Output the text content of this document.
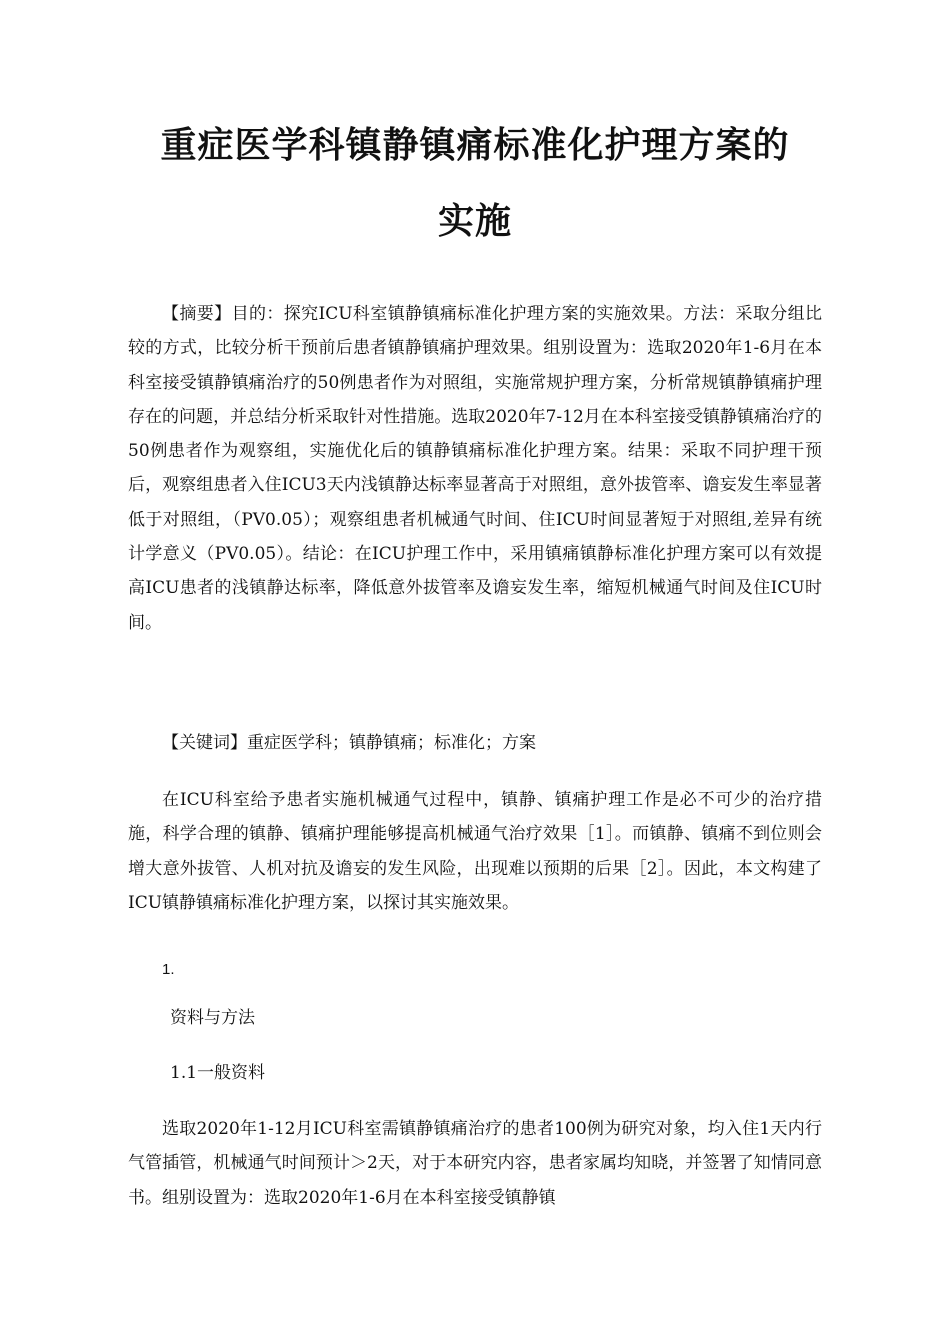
重症医学科镇静镇痛标准化护理方案的
实施
【摘要】目的：探究ICU科室镇静镇痛标准化护理方案的实施效果。方法：采取分组比较的方式，比较分析干预前后患者镇静镇痛护理效果。组别设置为：选取2020年1-6月在本科室接受镇静镇痛治疗的50例患者作为对照组，实施常规护理方案，分析常规镇静镇痛护理存在的问题，并总结分析采取针对性措施。选取2020年7-12月在本科室接受镇静镇痛治疗的50例患者作为观察组，实施优化后的镇静镇痛标准化护理方案。结果：采取不同护理干预后，观察组患者入住ICU3天内浅镇静达标率显著高于对照组，意外拔管率、谵妄发生率显著低于对照组，（PV0.05）；观察组患者机械通气时间、住ICU时间显著短于对照组,差异有统计学意义（PV0.05）。结论：在ICU护理工作中，采用镇痛镇静标准化护理方案可以有效提高ICU患者的浅镇静达标率，降低意外拔管率及谵妄发生率，缩短机械通气时间及住ICU时间。
【关键词】重症医学科；镇静镇痛；标准化；方案
在ICU科室给予患者实施机械通气过程中，镇静、镇痛护理工作是必不可少的治疗措施，科学合理的镇静、镇痛护理能够提高机械通气治疗效果［1］。而镇静、镇痛不到位则会增大意外拔管、人机对抗及谵妄的发生风险，出现难以预期的后果［2］。因此，本文构建了ICU镇静镇痛标准化护理方案，以探讨其实施效果。
1.
资料与方法
1.1一般资料
选取2020年1-12月ICU科室需镇静镇痛治疗的患者100例为研究对象，均入住1天内行气管插管，机械通气时间预计＞2天，对于本研究内容，患者家属均知晓，并签署了知情同意书。组别设置为：选取2020年1-6月在本科室接受镇静镇
